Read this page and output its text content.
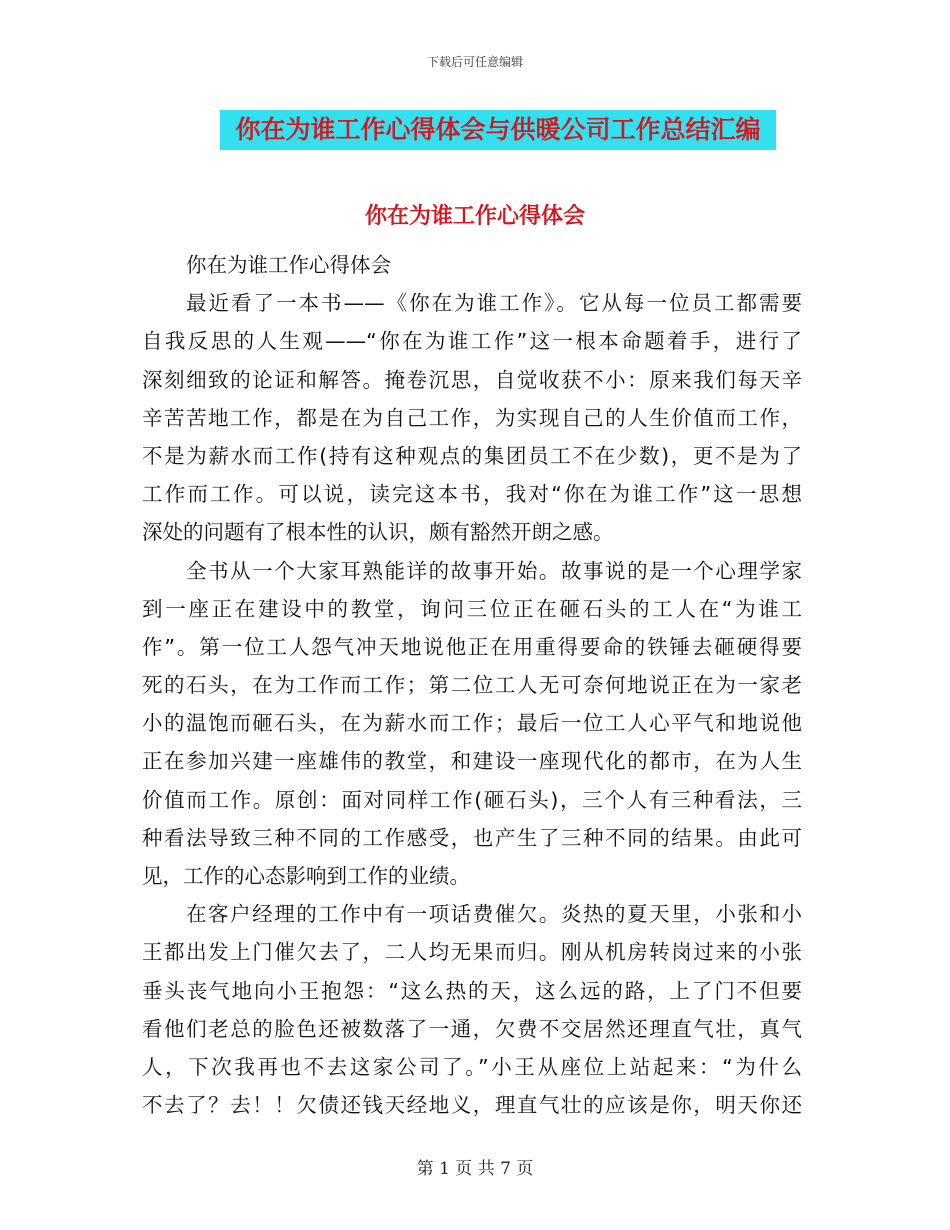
下载后可任意编辑
你在为谁工作心得体会与供暖公司工作总结汇编
你在为谁工作心得体会
你在为谁工作心得体会
最近看了一本书——《你在为谁工作》。它从每一位员工都需要
自我反思的人生观——“你在为谁工作”这一根本命题着手，进行了
深刻细致的论证和解答。掩卷沉思，自觉收获不小：原来我们每天辛
辛苦苦地工作，都是在为自己工作，为实现自己的人生价值而工作，
不是为薪水而工作(持有这种观点的集团员工不在少数)，更不是为了
工作而工作。可以说，读完这本书，我对“你在为谁工作”这一思想
深处的问题有了根本性的认识，颇有豁然开朗之感。
全书从一个大家耳熟能详的故事开始。故事说的是一个心理学家
到一座正在建设中的教堂，询问三位正在砸石头的工人在“为谁工
作”。第一位工人怨气冲天地说他正在用重得要命的铁锤去砸硬得要
死的石头，在为工作而工作；第二位工人无可奈何地说正在为一家老
小的温饱而砸石头，在为薪水而工作；最后一位工人心平气和地说他
正在参加兴建一座雄伟的教堂，和建设一座现代化的都市，在为人生
价值而工作。原创：面对同样工作(砸石头)，三个人有三种看法，三
种看法导致三种不同的工作感受，也产生了三种不同的结果。由此可
见，工作的心态影响到工作的业绩。
在客户经理的工作中有一项话费催欠。炎热的夏天里，小张和小
王都出发上门催欠去了，二人均无果而归。刚从机房转岗过来的小张
垂头丧气地向小王抱怨：“这么热的天，这么远的路，上了门不但要
看他们老总的脸色还被数落了一通，欠费不交居然还理直气壮，真气
人，下次我再也不去这家公司了。”小王从座位上站起来：“为什么
不去了？去！！欠债还钱天经地义，理直气壮的应该是你，明天你还
第 1 页 共 7 页
